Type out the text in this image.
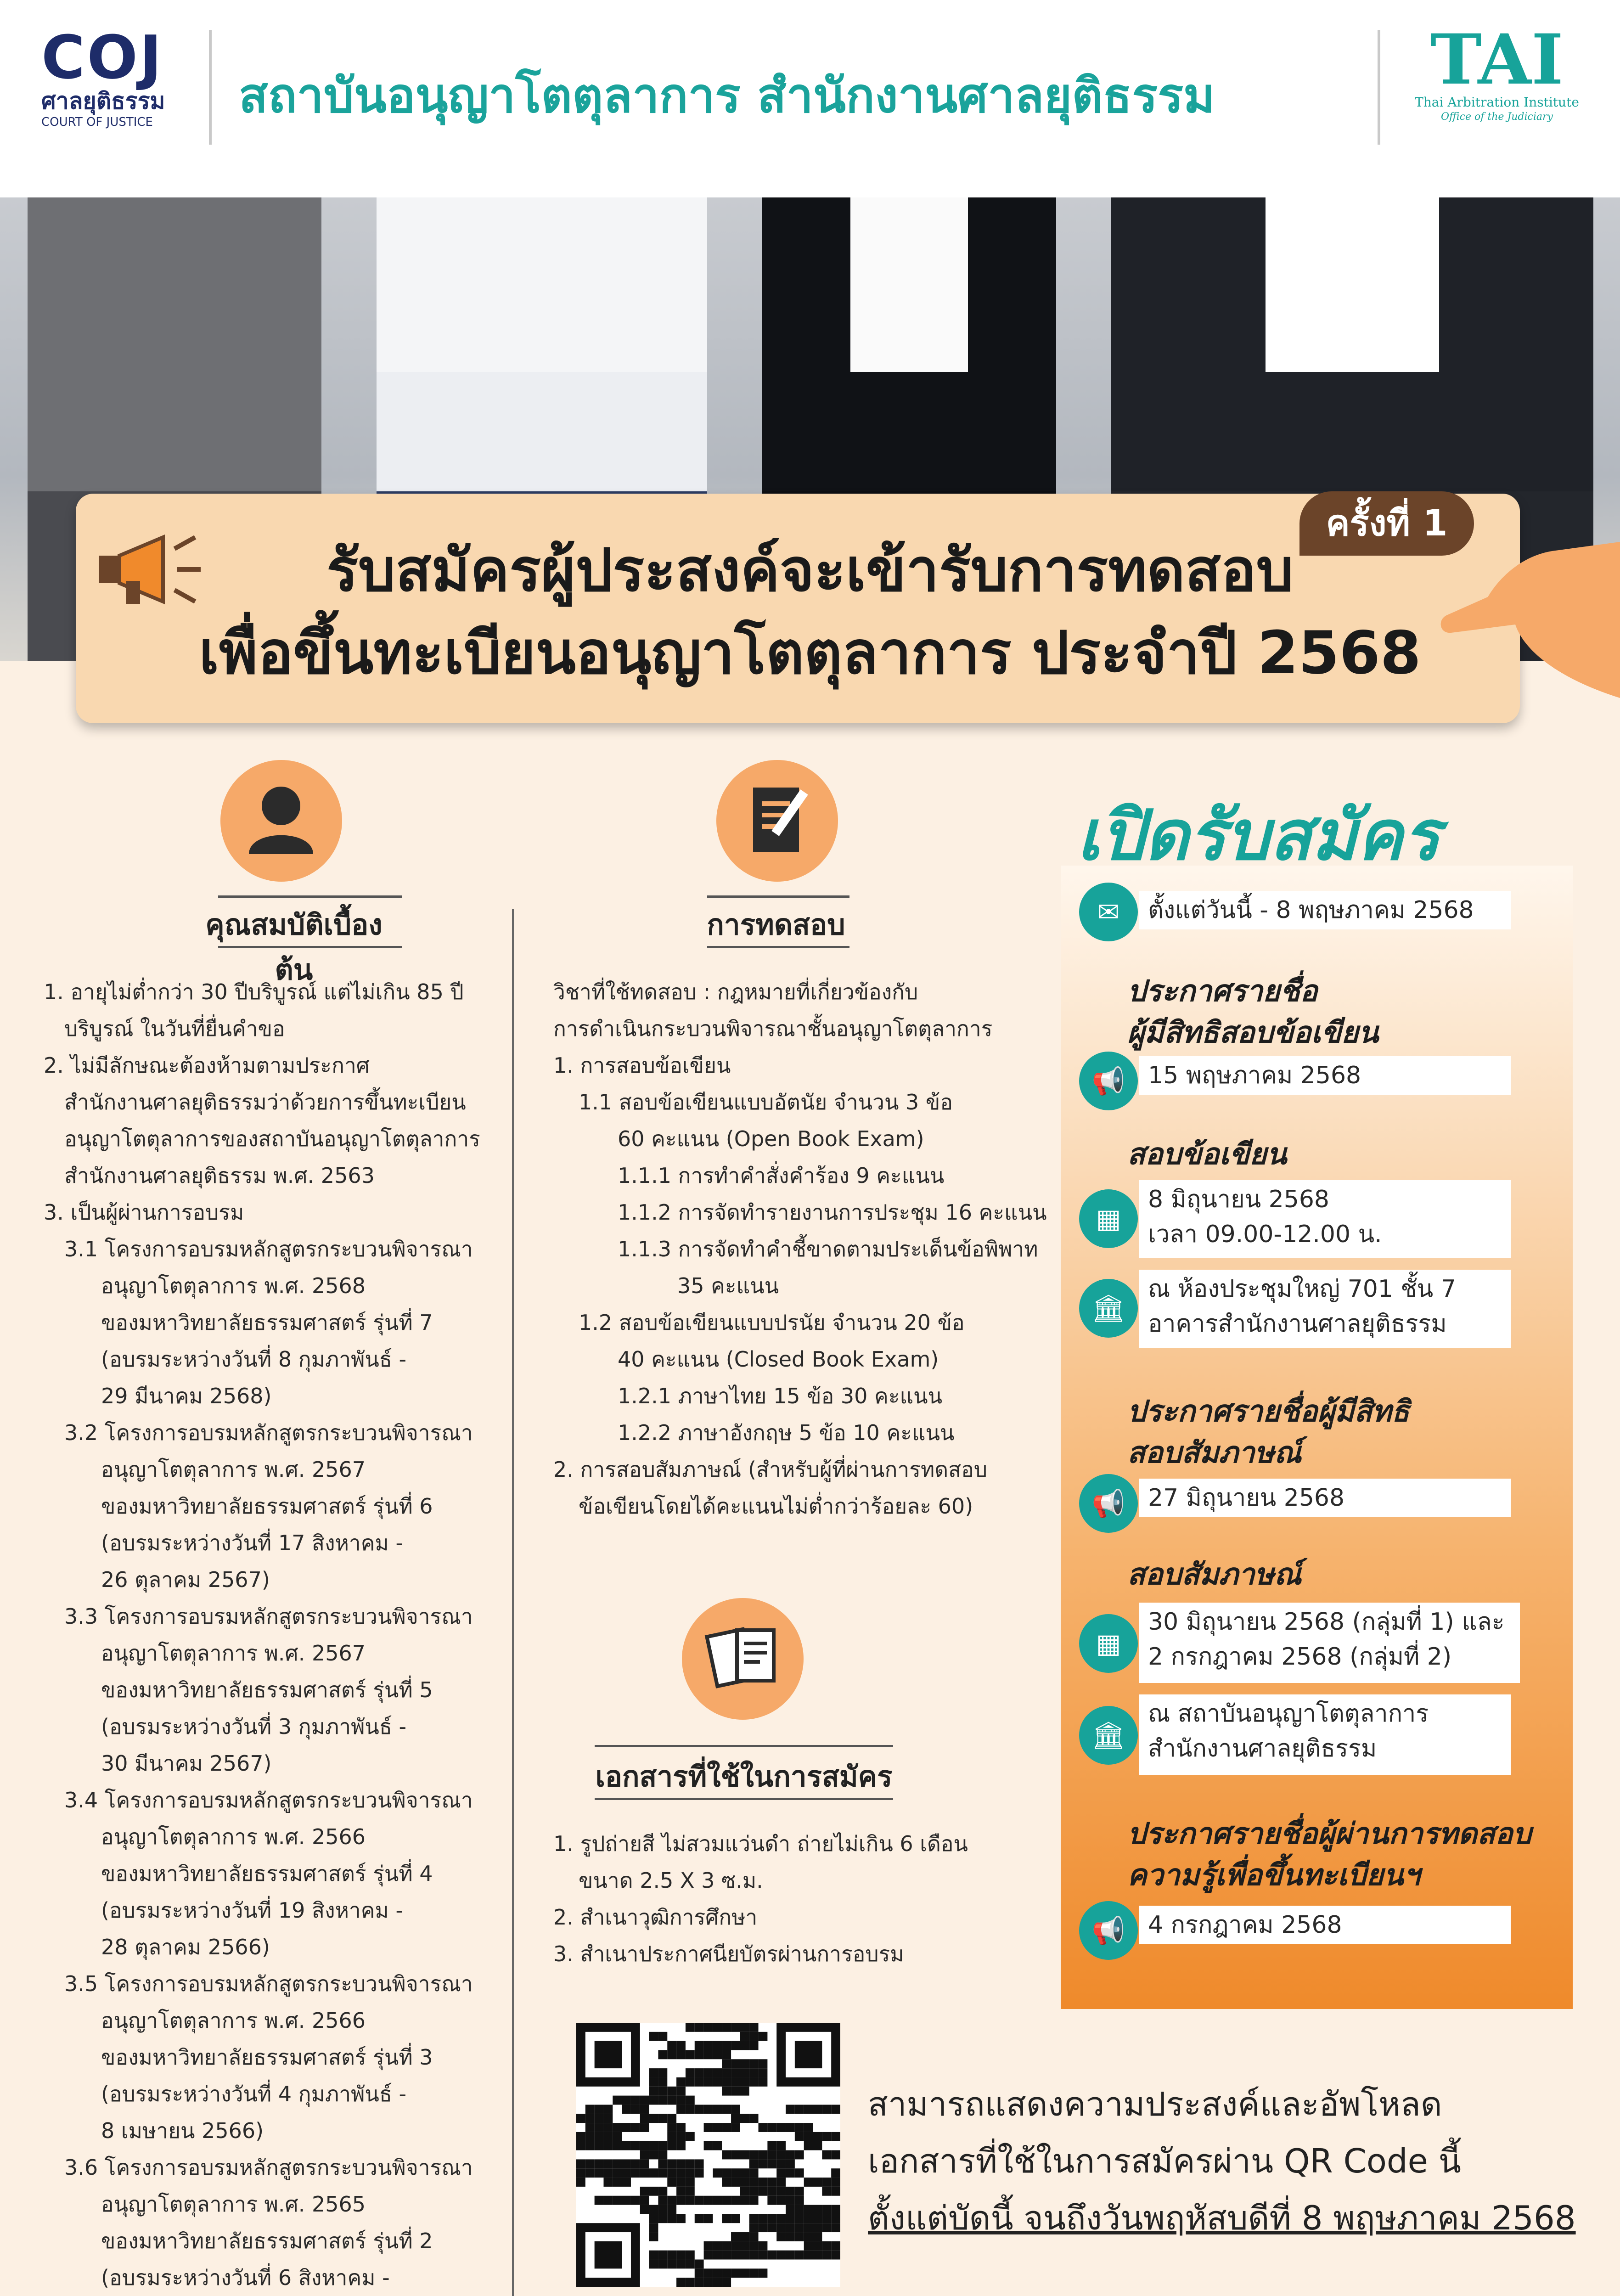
COJ
ศาลยุติธรรม
COURT OF JUSTICE	สถาบันอนุญาโตตุลาการ สำนักงานศาลยุติธรรม	TAI
Thai Arbitration Institute
Office of the Judiciary
ครั้งที่ 1
รับสมัครผู้ประสงค์จะเข้ารับการทดสอบ
เพื่อขึ้นทะเบียนอนุญาโตตุลาการ ประจำปี 2568
คุณสมบัติเบื้องต้น
1. อายุไม่ต่ำกว่า 30 ปีบริบูรณ์ แต่ไม่เกิน 85 ปี
บริบูรณ์ ในวันที่ยื่นคำขอ
2. ไม่มีลักษณะต้องห้ามตามประกาศ
สำนักงานศาลยุติธรรมว่าด้วยการขึ้นทะเบียน
อนุญาโตตุลาการของสถาบันอนุญาโตตุลาการ
สำนักงานศาลยุติธรรม พ.ศ. 2563
3. เป็นผู้ผ่านการอบรม
3.1 โครงการอบรมหลักสูตรกระบวนพิจารณา
อนุญาโตตุลาการ พ.ศ. 2568
ของมหาวิทยาลัยธรรมศาสตร์ รุ่นที่ 7
(อบรมระหว่างวันที่ 8 กุมภาพันธ์ -
29 มีนาคม 2568)
3.2 โครงการอบรมหลักสูตรกระบวนพิจารณา
อนุญาโตตุลาการ พ.ศ. 2567
ของมหาวิทยาลัยธรรมศาสตร์ รุ่นที่ 6
(อบรมระหว่างวันที่ 17 สิงหาคม -
26 ตุลาคม 2567)
3.3 โครงการอบรมหลักสูตรกระบวนพิจารณา
อนุญาโตตุลาการ พ.ศ. 2567
ของมหาวิทยาลัยธรรมศาสตร์ รุ่นที่ 5
(อบรมระหว่างวันที่ 3 กุมภาพันธ์ -
30 มีนาคม 2567)
3.4 โครงการอบรมหลักสูตรกระบวนพิจารณา
อนุญาโตตุลาการ พ.ศ. 2566
ของมหาวิทยาลัยธรรมศาสตร์ รุ่นที่ 4
(อบรมระหว่างวันที่ 19 สิงหาคม -
28 ตุลาคม 2566)
3.5 โครงการอบรมหลักสูตรกระบวนพิจารณา
อนุญาโตตุลาการ พ.ศ. 2566
ของมหาวิทยาลัยธรรมศาสตร์ รุ่นที่ 3
(อบรมระหว่างวันที่ 4 กุมภาพันธ์ -
8 เมษายน 2566)
3.6 โครงการอบรมหลักสูตรกระบวนพิจารณา
อนุญาโตตุลาการ พ.ศ. 2565
ของมหาวิทยาลัยธรรมศาสตร์ รุ่นที่ 2
(อบรมระหว่างวันที่ 6 สิงหาคม -
การทดสอบ
วิชาที่ใช้ทดสอบ : กฎหมายที่เกี่ยวข้องกับ
การดำเนินกระบวนพิจารณาชั้นอนุญาโตตุลาการ
1. การสอบข้อเขียน
1.1 สอบข้อเขียนแบบอัตนัย จำนวน 3 ข้อ
60 คะแนน (Open Book Exam)
1.1.1 การทำคำสั่งคำร้อง 9 คะแนน
1.1.2 การจัดทำรายงานการประชุม 16 คะแนน
1.1.3 การจัดทำคำชี้ขาดตามประเด็นข้อพิพาท
35 คะแนน
1.2 สอบข้อเขียนแบบปรนัย จำนวน 20 ข้อ
40 คะแนน (Closed Book Exam)
1.2.1 ภาษาไทย 15 ข้อ 30 คะแนน
1.2.2 ภาษาอังกฤษ 5 ข้อ 10 คะแนน
2. การสอบสัมภาษณ์ (สำหรับผู้ที่ผ่านการทดสอบ
ข้อเขียนโดยได้คะแนนไม่ต่ำกว่าร้อยละ 60)
เอกสารที่ใช้ในการสมัคร
1. รูปถ่ายสี ไม่สวมแว่นดำ ถ่ายไม่เกิน 6 เดือน
ขนาด 2.5 X 3 ซ.ม.
2. สำเนาวุฒิการศึกษา
3. สำเนาประกาศนียบัตรผ่านการอบรม
เปิดรับสมัคร
✉	ตั้งแต่วันนี้ - 8 พฤษภาคม 2568
ประกาศรายชื่อ
ผู้มีสิทธิสอบข้อเขียน
📢 15 พฤษภาคม 2568
สอบข้อเขียน
▦
8 มิถุนายน 2568
เวลา 09.00-12.00 น.
🏛
ณ ห้องประชุมใหญ่ 701 ชั้น 7
อาคารสำนักงานศาลยุติธรรม
ประกาศรายชื่อผู้มีสิทธิ
สอบสัมภาษณ์
📢 27 มิถุนายน 2568
สอบสัมภาษณ์
▦
30 มิถุนายน 2568 (กลุ่มที่ 1) และ
2 กรกฎาคม 2568 (กลุ่มที่ 2)
🏛
ณ สถาบันอนุญาโตตุลาการ
สำนักงานศาลยุติธรรม
ประกาศรายชื่อผู้ผ่านการทดสอบ
ความรู้เพื่อขึ้นทะเบียนฯ
📢 4 กรกฎาคม 2568
สามารถแสดงความประสงค์และอัพโหลด
เอกสารที่ใช้ในการสมัครผ่าน QR Code นี้
ตั้งแต่บัดนี้ จนถึงวันพฤหัสบดีที่ 8 พฤษภาคม 2568
